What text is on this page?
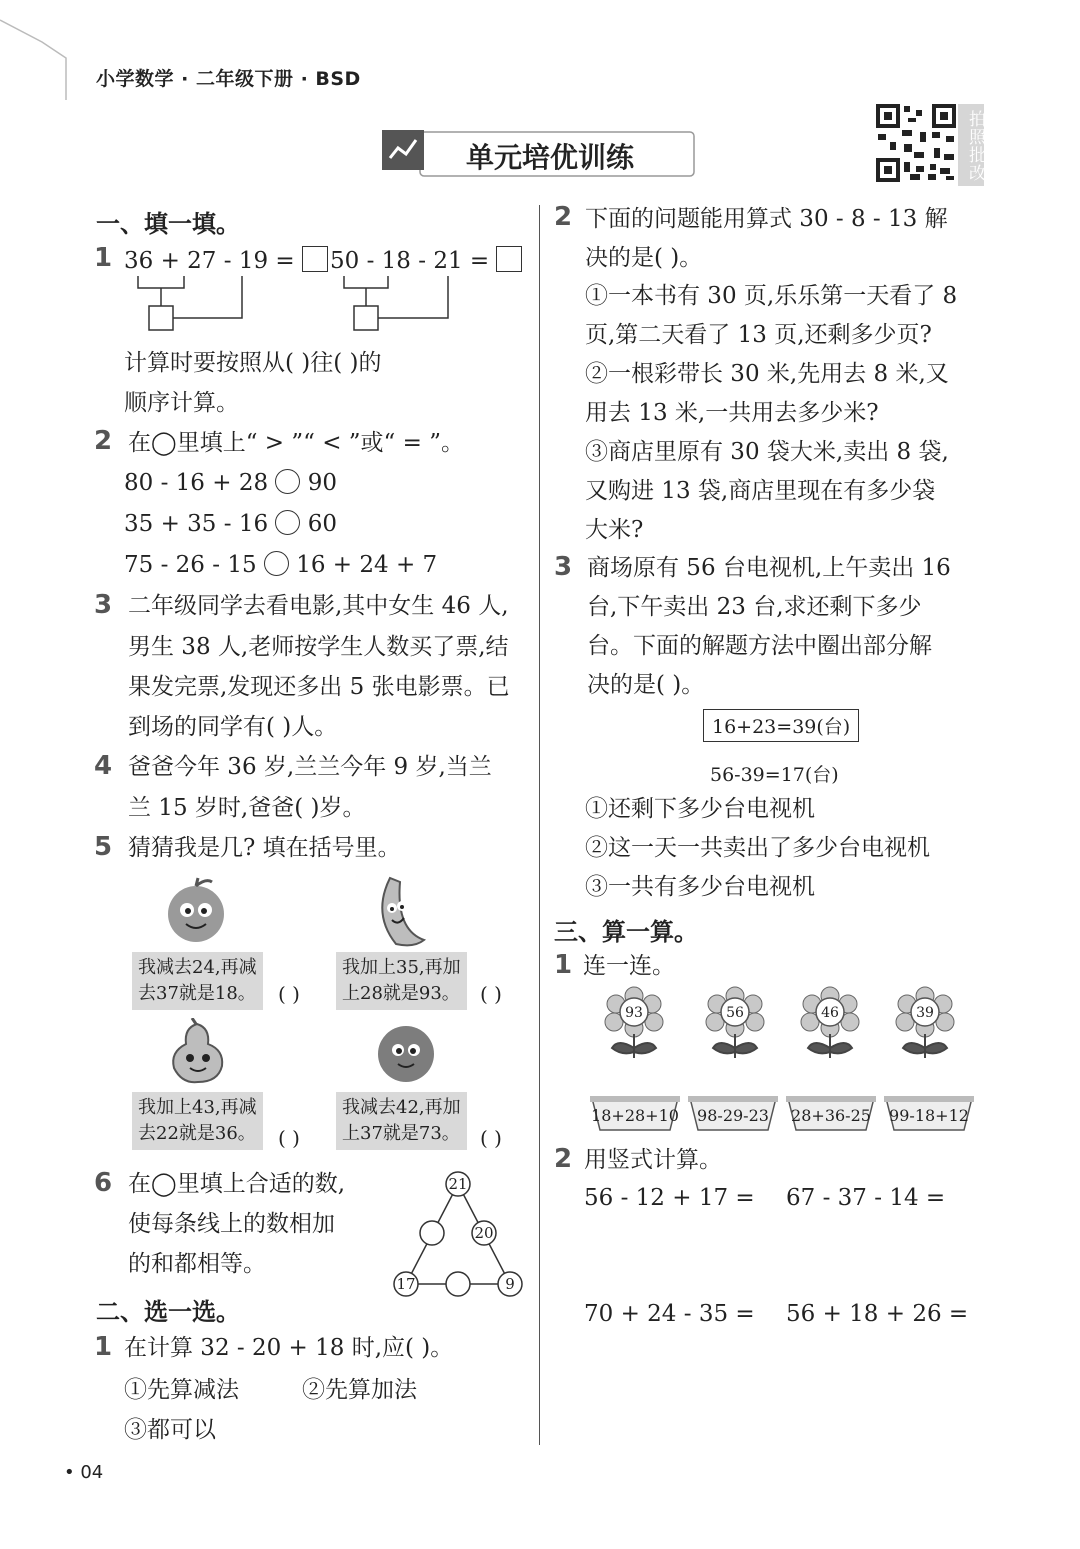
小学数学 · 二年级下册 · BSD
单元培优训练	拍照批改
一、填一填。
1 36 + 27 - 19 =	50 - 18 - 21 =
计算时要按照从( )往( )的
顺序计算。
2 在◯里填上“ > ”“ < ”或“ = ”。
80 - 16 + 28 90
35 + 35 - 16 60
75 - 26 - 15 16 + 24 + 7
3 二年级同学去看电影,其中女生 46 人,
男生 38 人,老师按学生人数买了票,结
果发完票,发现还多出 5 张电影票。已
到场的同学有( )人。
4 爸爸今年 36 岁,兰兰今年 9 岁,当兰
兰 15 岁时,爸爸( )岁。
5 猜猜我是几? 填在括号里。
我减去24,再减
去37就是18。 ( )
我加上35,再加
上28就是93。 ( )
我加上43,再减
去22就是36。 ( )
我减去42,再加
上37就是73。 ( )
6 在◯里填上合适的数,
使每条线上的数相加
的和都相等。
21
20
17	9
二、选一选。
1 在计算 32 - 20 + 18 时,应( )。
①先算减法	②先算加法
③都可以
2 下面的问题能用算式 30 - 8 - 13 解
决的是( )。
①一本书有 30 页,乐乐第一天看了 8
页,第二天看了 13 页,还剩多少页?
②一根彩带长 30 米,先用去 8 米,又
用去 13 米,一共用去多少米?
③商店里原有 30 袋大米,卖出 8 袋,
又购进 13 袋,商店里现在有多少袋
大米?
3 商场原有 56 台电视机,上午卖出 16
台,下午卖出 23 台,求还剩下多少
台。下面的解题方法中圈出部分解
决的是( )。
16+23=39(台)
56-39=17(台)
①还剩下多少台电视机
②这一天一共卖出了多少台电视机
③一共有多少台电视机
三、算一算。
1 连一连。
93	56	46	39
18+28+10	98-29-23	28+36-25	99-18+12
2 用竖式计算。
56 - 12 + 17 = 67 - 37 - 14 =
70 + 24 - 35 = 56 + 18 + 26 =
• 04
